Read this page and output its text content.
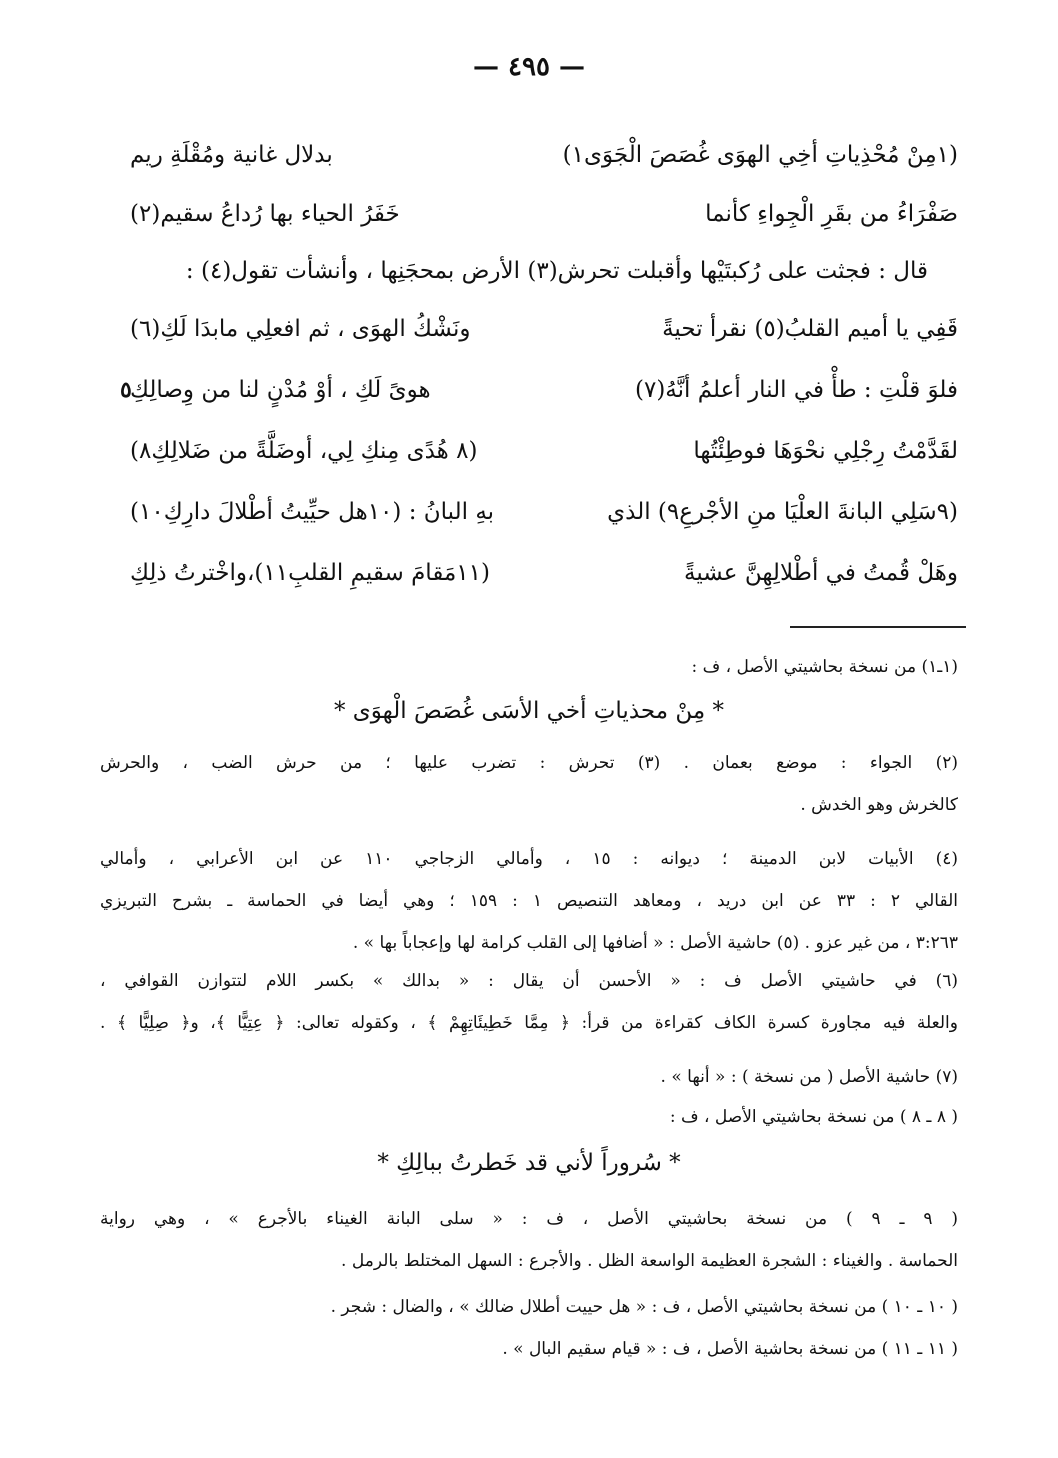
— ٤٩٥ —
(١مِنْ مُحْذِياتِ أخِي الهوَى غُصَصَ الْجَوَى١)
بدلال غانية ومُقْلَةِ ريم
صَفْرَاءُ من بقَرِ الْجِواءِ كأنما
خَفَرُ الحياء بها رُداعُ سقيم(٢)
قال : فجثت على رُكبتَيْها وأقبلت تحرش(٣) الأرض بمحجَنِها ، وأنشأت تقول(٤) :
قَفِي يا أميم القلبُ(٥) نقرأ تحيةً
ونَشْكُ الهوَى ، ثم افعلِي مابدَا لَكِ(٦)
فلوَ قلْتِ : طأْ في النار أعلمُ أنَّهُ(٧)
هوىً لَكِ ، أوْ مُدْنٍ لنا من وِصالِكِ
٥
لقَدَّمْتُ رِجْلِي نحْوَهَا فوطِئْتُها
(٨ هُدًى مِنكِ لِي، أوضَلَّةً من ضَلالِكِ٨)
(٩سَلِي البانةَ العلْيَا منِ الأجْرعِ٩) الذي
بهِ البانُ : (١٠هل حيِّيتُ أطْلالَ دارِكِ١٠)
وهَلْ قُمتُ في أطْلالِهِنَّ عشيةً
(١١مَقامَ سقيمِ القلبِ١١)،واخْترتُ ذلِكِ
(١ـ١) من نسخة بحاشيتي الأصل ، ف :
* مِنْ محذياتِ أخي الأسَى غُصَصَ الْهوَى *
(٢) الجواء : موضع بعمان . (٣) تحرش : تضرب عليها ؛ من حرش الضب ، والحرش
كالخرش وهو الخدش .
(٤) الأبيات لابن الدمينة ؛ ديوانه : ١٥ ، وأمالي الزجاجي ١١٠ عن ابن الأعرابي ، وأمالي
القالي ٢ : ٣٣ عن ابن دريد ، ومعاهد التنصيص ١ : ١٥٩ ؛ وهي أيضا في الحماسة ـ بشرح التبريزي
٣:٢٦٣ ، من غير عزو . (٥) حاشية الأصل : « أضافها إلى القلب كرامة لها وإعجاباً بها » .
(٦) في حاشيتي الأصل ف : « الأحسن أن يقال : « بدالك » بكسر اللام لتتوازن القوافي ،
والعلة فيه مجاورة كسرة الكاف كقراءة من قرأ: ﴿ مِمَّا خَطِيئَاتِهِمْ ﴾ ، وكقوله تعالى: ﴿ عِتِيًّا ﴾، و﴿ صِلِيًّا ﴾ .
(٧) حاشية الأصل ( من نسخة ) : « أنها » .
( ٨ ـ ٨ ) من نسخة بحاشيتي الأصل ، ف :
* سُروراً لأني قد خَطرتُ ببالِكِ *
( ٩ ـ ٩ ) من نسخة بحاشيتي الأصل ، ف : « سلى البانة الغيناء بالأجرع » ، وهي رواية
الحماسة . والغيناء : الشجرة العظيمة الواسعة الظل . والأجرع : السهل المختلط بالرمل .
( ١٠ ـ ١٠ ) من نسخة بحاشيتي الأصل ، ف : « هل حييت أطلال ضالك » ، والضال : شجر .
( ١١ ـ ١١ ) من نسخة بحاشية الأصل ، ف : « قيام سقيم البال » .
